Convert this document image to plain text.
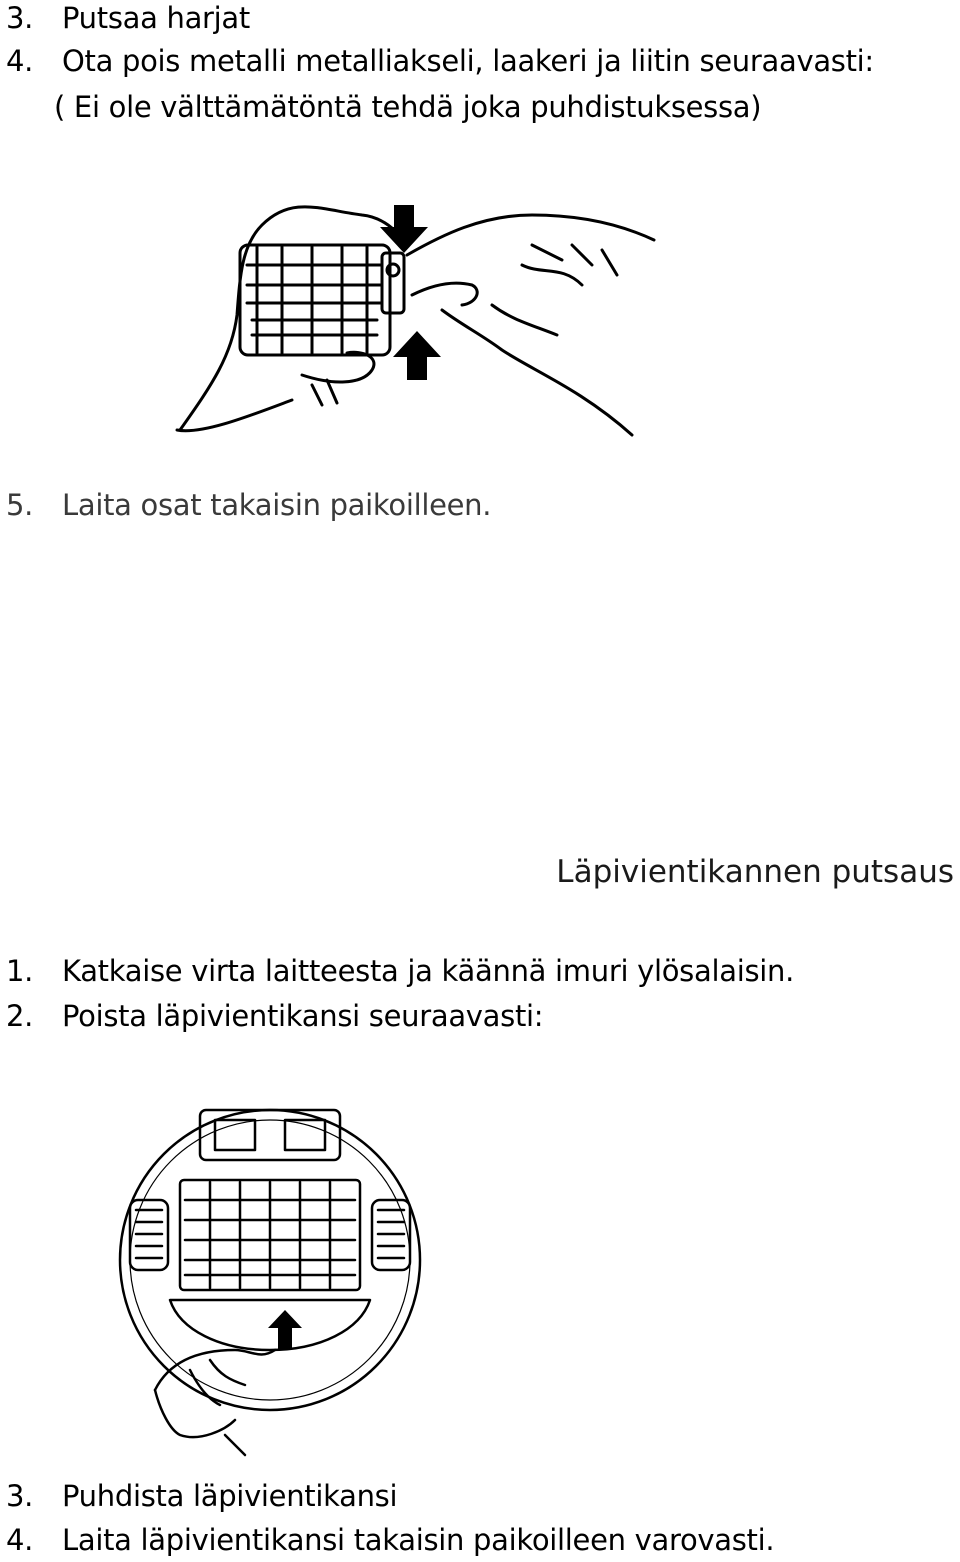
3. Putsaa harjat
4. Ota pois metalli metalliakseli, laakeri ja liitin seuraavasti:
( Ei ole välttämätöntä tehdä joka puhdistuksessa)
5. Laita osat takaisin paikoilleen.
Läpivientikannen putsaus
1. Katkaise virta laitteesta ja käännä imuri ylösalaisin.
2. Poista läpivientikansi seuraavasti:
3. Puhdista läpivientikansi
4. Laita läpivientikansi takaisin paikoilleen varovasti.
